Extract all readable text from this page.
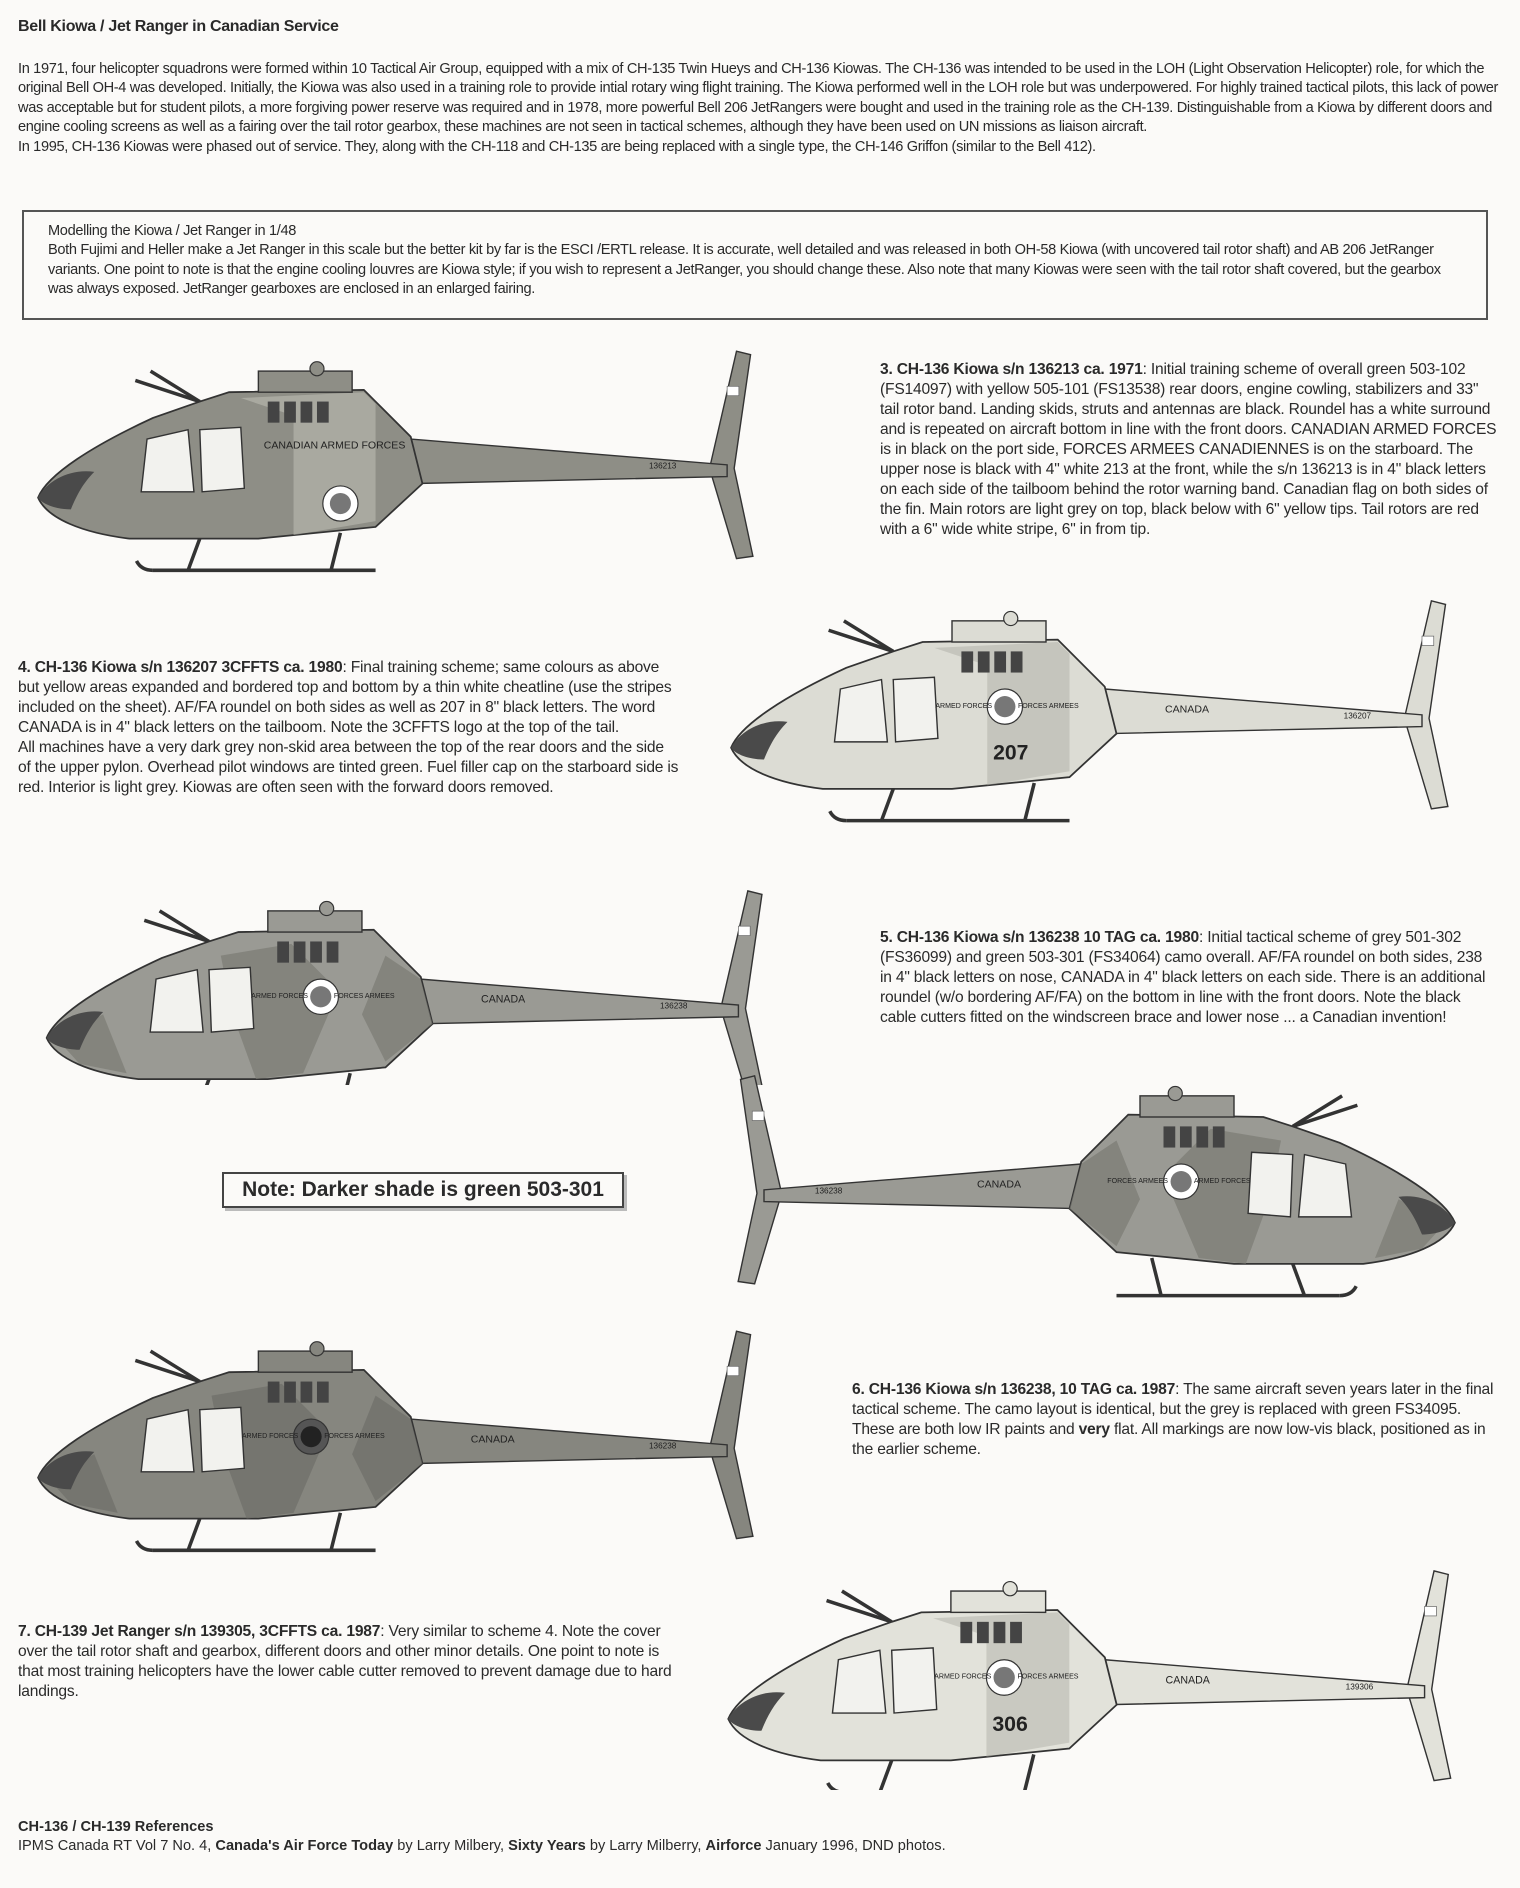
Bell Kiowa / Jet Ranger in Canadian Service

In 1971, four helicopter squadrons were formed within 10 Tactical Air Group, equipped with a mix of CH-135 Twin Hueys and CH-136 Kiowas. The CH-136 was intended to be used in the LOH (Light Observation Helicopter) role, for which the original Bell OH-4 was developed. Initially, the Kiowa was also used in a training role to provide intial rotary wing flight training. The Kiowa performed well in the LOH role but was underpowered. For highly trained tactical pilots, this lack of power was acceptable but for student pilots, a more forgiving power reserve was required and in 1978, more powerful Bell 206 JetRangers were bought and used in the training role as the CH-139. Distinguishable from a Kiowa by different doors and engine cooling screens as well as a fairing over the tail rotor gearbox, these machines are not seen in tactical schemes, although they have been used on UN missions as liaison aircraft.

In 1995, CH-136 Kiowas were phased out of service. They, along with the CH-118 and CH-135 are being replaced with a single type, the CH-146 Griffon (similar to the Bell 412).

Modelling the Kiowa / Jet Ranger in 1/48

Both Fujimi and Heller make a Jet Ranger in this scale but the better kit by far is the ESCI /ERTL release. It is accurate, well detailed and was released in both OH-58 Kiowa (with uncovered tail rotor shaft) and AB 206 JetRanger variants. One point to note is that the engine cooling louvres are Kiowa style; if you wish to represent a JetRanger, you should change these. Also note that many Kiowas were seen with the tail rotor shaft covered, but the gearbox was always exposed. JetRanger gearboxes are enclosed in an enlarged fairing.

CANADIAN ARMED FORCES
136213
ARMED FORCES	FORCES ARMEES	CANADA
136207
207
ARMED FORCES	FORCES ARMEES	CANADA
136238
ARMED FORCES
FORCES ARMEES
CANADA
136238
ARMED FORCES	FORCES ARMEES	CANADA
136238
ARMED FORCES	FORCES ARMEES	CANADA
139306
306

3. CH-136 Kiowa s/n 136213 ca. 1971: Initial training scheme of overall green 503-102 (FS14097) with yellow 505-101 (FS13538) rear doors, engine cowling, stabilizers and 33" tail rotor band. Landing skids, struts and antennas are black. Roundel has a white surround and is repeated on aircraft bottom in line with the front doors. CANADIAN ARMED FORCES is in black on the port side, FORCES ARMEES CANADIENNES is on the starboard. The upper nose is black with 4" white 213 at the front, while the s/n 136213 is in 4" black letters on each side of the tailboom behind the rotor warning band. Canadian flag on both sides of the fin. Main rotors are light grey on top, black below with 6" yellow tips. Tail rotors are red with a 6" wide white stripe, 6" in from tip.

4. CH-136 Kiowa s/n 136207 3CFFTS ca. 1980: Final training scheme; same colours as above but yellow areas expanded and bordered top and bottom by a thin white cheatline (use the stripes included on the sheet). AF/FA roundel on both sides as well as 207 in 8" black letters. The word CANADA is in 4" black letters on the tailboom. Note the 3CFFTS logo at the top of the tail.

All machines have a very dark grey non-skid area between the top of the rear doors and the side of the upper pylon. Overhead pilot windows are tinted green. Fuel filler cap on the starboard side is red. Interior is light grey. Kiowas are often seen with the forward doors removed.

5. CH-136 Kiowa s/n 136238 10 TAG ca. 1980: Initial tactical scheme of grey 501-302 (FS36099) and green 503-301 (FS34064) camo overall. AF/FA roundel on both sides, 238 in 4" black letters on nose, CANADA in 4" black letters on each side. There is an additional roundel (w/o bordering AF/FA) on the bottom in line with the front doors. Note the black cable cutters fitted on the windscreen brace and lower nose ... a Canadian invention!

Note: Darker shade is green 503-301

6. CH-136 Kiowa s/n 136238, 10 TAG ca. 1987: The same aircraft seven years later in the final tactical scheme. The camo layout is identical, but the grey is replaced with green FS34095. These are both low IR paints and very flat. All markings are now low-vis black, positioned as in the earlier scheme.

7. CH-139 Jet Ranger s/n 139305, 3CFFTS ca. 1987: Very similar to scheme 4. Note the cover over the tail rotor shaft and gearbox, different doors and other minor details. One point to note is that most training helicopters have the lower cable cutter removed to prevent damage due to hard landings.

CH-136 / CH-139 References
IPMS Canada RT Vol 7 No. 4, Canada's Air Force Today by Larry Milbery, Sixty Years by Larry Milberry, Airforce January 1996, DND photos.
